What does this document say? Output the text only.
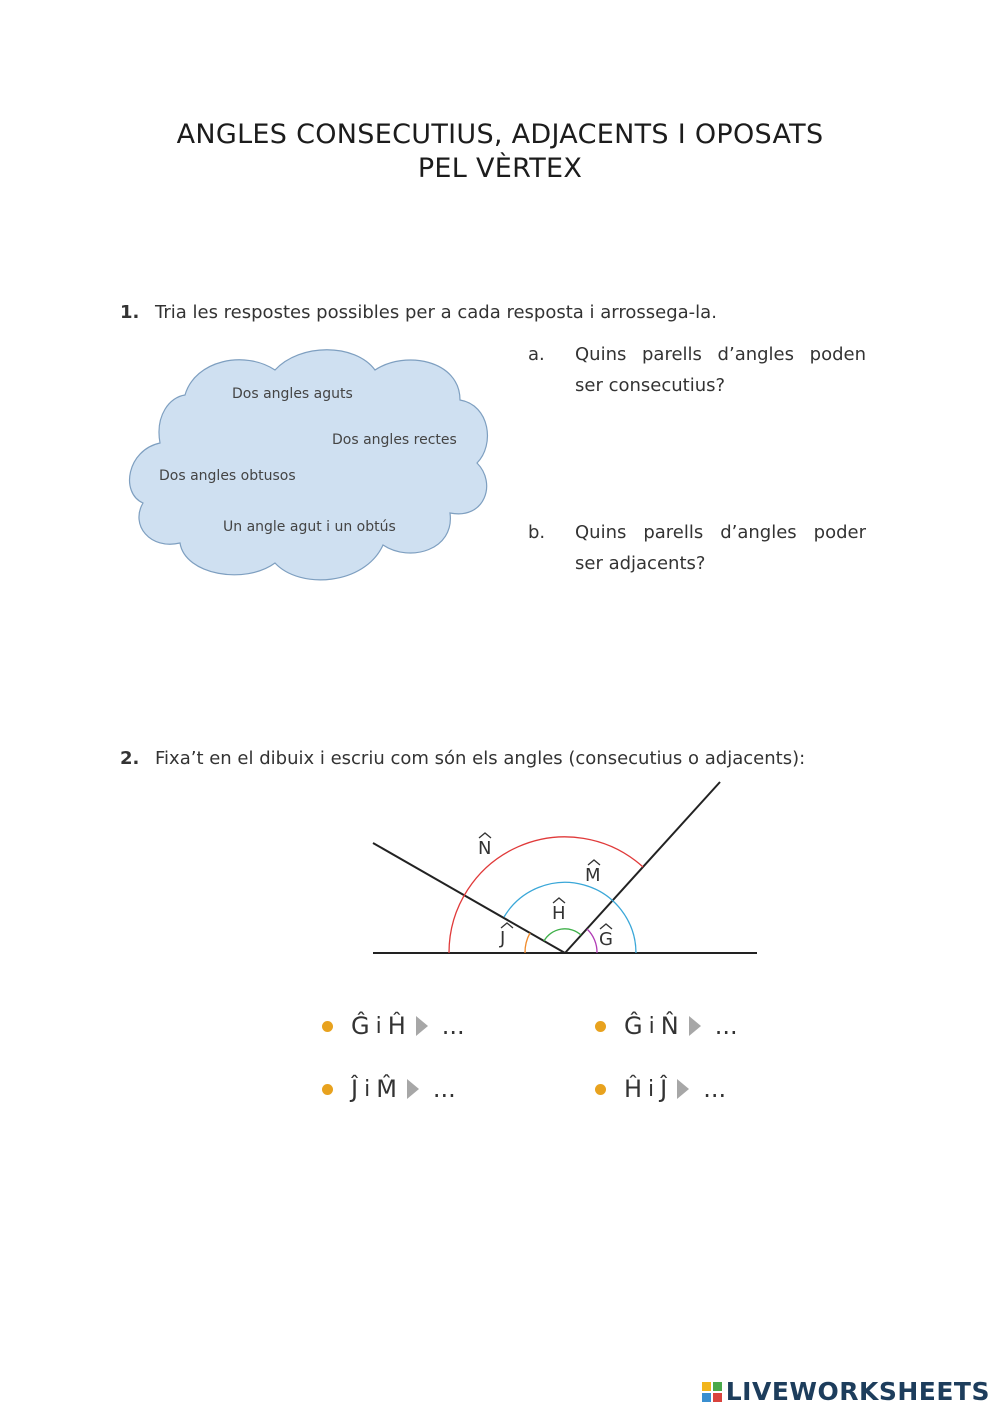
ANGLES CONSECUTIUS, ADJACENTS I OPOSATS
PEL VÈRTEX
1. Tria les respostes possibles per a cada resposta i arrossega-la.
Dos angles aguts
Dos angles rectes
Dos angles obtusos
Un angle agut i un obtús
a. Quins parells d’angles poden
ser consecutius?
b. Quins parells d’angles poder
ser adjacents?
2. Fixa’t en el dibuix i escriu com són els angles (consecutius o adjacents):
N
M
H
J	G
G i H ...	G i N ...
J i M ...	H i J ...
LIVEWORKSHEETS
